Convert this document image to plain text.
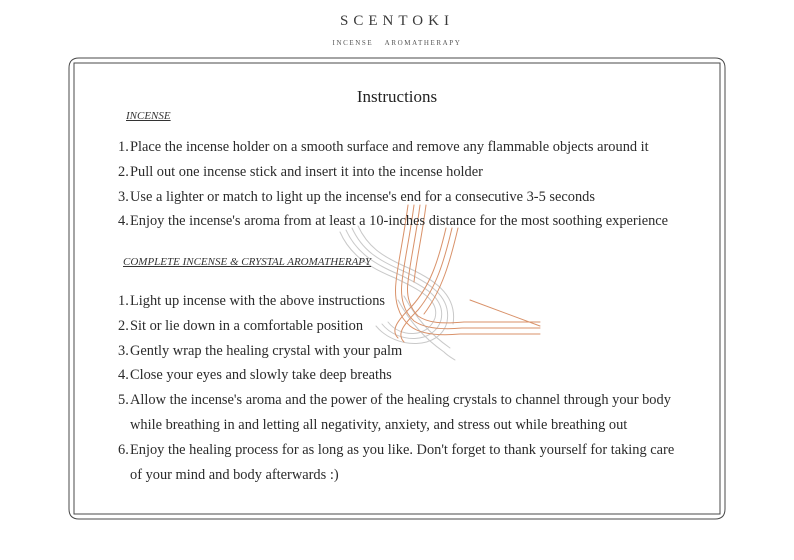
SCENTOKI
INCENSE AROMATHERAPY
Instructions
INCENSE
1. Place the incense holder on a smooth surface and remove any flammable objects around it
2. Pull out one incense stick and insert it into the incense holder
3. Use a lighter or match to light up the incense's end for a consecutive 3-5 seconds
4. Enjoy the incense's aroma from at least a 10-inches distance for the most soothing experience
COMPLETE INCENSE & CRYSTAL AROMATHERAPY
1. Light up incense with the above instructions
2. Sit or lie down in a comfortable position
3. Gently wrap the healing crystal with your palm
4. Close your eyes and slowly take deep breaths
5. Allow the incense's aroma and the power of the healing crystals to channel through your body
while breathing in and letting all negativity, anxiety, and stress out while breathing out
6. Enjoy the healing process for as long as you like. Don't forget to thank yourself for taking care
of your mind and body afterwards :)
